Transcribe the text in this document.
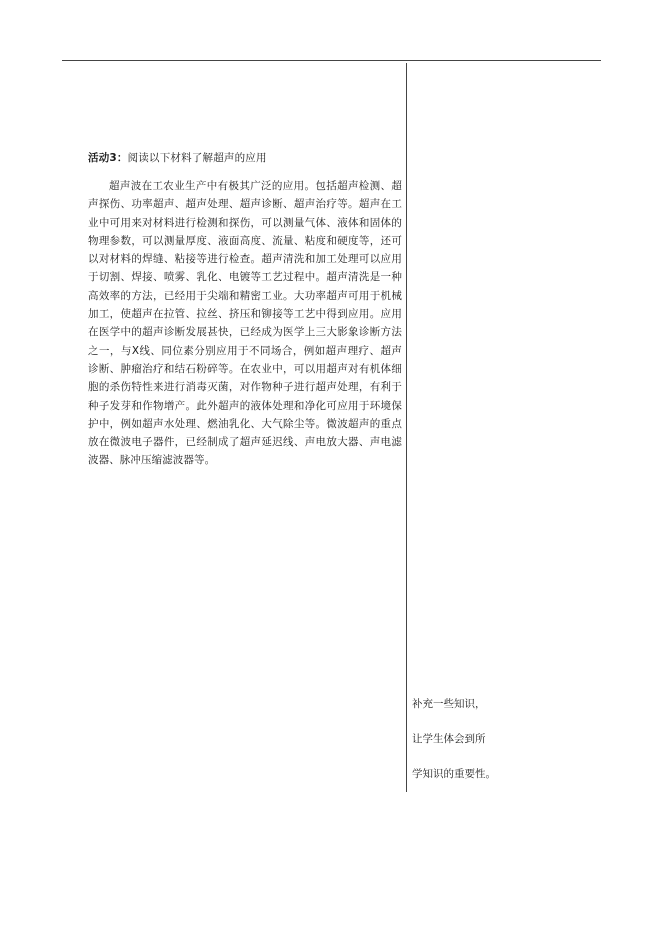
活动3：阅读以下材料了解超声的应用

超声波在工农业生产中有极其广泛的应用。包括超声检测、超声探伤、功率超声、超声处理、超声诊断、超声治疗等。超声在工业中可用来对材料进行检测和探伤，可以测量气体、液体和固体的物理参数，可以测量厚度、液面高度、流量、粘度和硬度等，还可以对材料的焊缝、粘接等进行检查。超声清洗和加工处理可以应用于切割、焊接、喷雾、乳化、电镀等工艺过程中。超声清洗是一种高效率的方法，已经用于尖端和精密工业。大功率超声可用于机械加工，使超声在拉管、拉丝、挤压和铆接等工艺中得到应用。应用在医学中的超声诊断发展甚快，已经成为医学上三大影象诊断方法之一，与X线、同位素分别应用于不同场合，例如超声理疗、超声诊断、肿瘤治疗和结石粉碎等。在农业中，可以用超声对有机体细胞的杀伤特性来进行消毒灭菌，对作物种子进行超声处理，有利于种子发芽和作物增产。此外超声的液体处理和净化可应用于环境保护中，例如超声水处理、燃油乳化、大气除尘等。微波超声的重点放在微波电子器件，已经制成了超声延迟线、声电放大器、声电滤波器、脉冲压缩滤波器等。

补充一些知识，

让学生体会到所

学知识的重要性。
